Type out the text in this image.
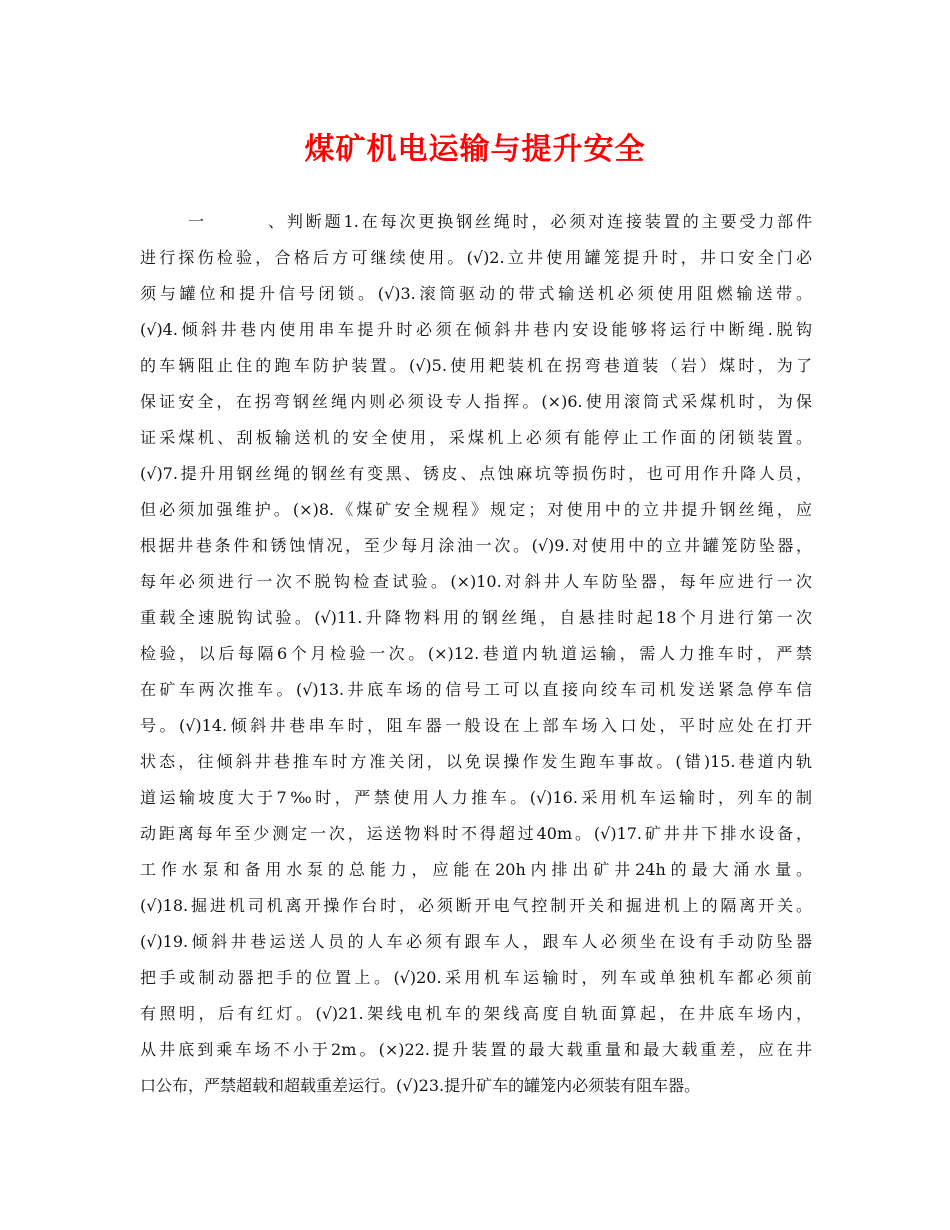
煤矿机电运输与提升安全
一、判断题1.在每次更换钢丝绳时，必须对连接装置的主要受力部件
进行探伤检验，合格后方可继续使用。(√)2.立井使用罐笼提升时，井口安全门必
须与罐位和提升信号闭锁。(√)3.滚筒驱动的带式输送机必须使用阻燃输送带。
(√)4.倾斜井巷内使用串车提升时必须在倾斜井巷内安设能够将运行中断绳.脱钩
的车辆阻止住的跑车防护装置。(√)5.使用耙装机在拐弯巷道装（岩）煤时，为了
保证安全，在拐弯钢丝绳内则必须设专人指挥。(×)6.使用滚筒式采煤机时，为保
证采煤机、刮板输送机的安全使用，采煤机上必须有能停止工作面的闭锁装置。
(√)7.提升用钢丝绳的钢丝有变黑、锈皮、点蚀麻坑等损伤时，也可用作升降人员，
但必须加强维护。(×)8.《煤矿安全规程》规定；对使用中的立井提升钢丝绳，应
根据井巷条件和锈蚀情况，至少每月涂油一次。(√)9.对使用中的立井罐笼防坠器，
每年必须进行一次不脱钩检查试验。(×)10.对斜井人车防坠器，每年应进行一次
重载全速脱钩试验。(√)11.升降物料用的钢丝绳，自悬挂时起18个月进行第一次
检验，以后每隔6个月检验一次。(×)12.巷道内轨道运输，需人力推车时，严禁
在矿车两次推车。(√)13.井底车场的信号工可以直接向绞车司机发送紧急停车信
号。(√)14.倾斜井巷串车时，阻车器一般设在上部车场入口处，平时应处在打开
状态，往倾斜井巷推车时方准关闭，以免误操作发生跑车事故。(错)15.巷道内轨
道运输坡度大于7‰时，严禁使用人力推车。(√)16.采用机车运输时，列车的制
动距离每年至少测定一次，运送物料时不得超过40m。(√)17.矿井井下排水设备，
工作水泵和备用水泵的总能力，应能在20h内排出矿井24h的最大涌水量。
(√)18.掘进机司机离开操作台时，必须断开电气控制开关和掘进机上的隔离开关。
(√)19.倾斜井巷运送人员的人车必须有跟车人，跟车人必须坐在设有手动防坠器
把手或制动器把手的位置上。(√)20.采用机车运输时，列车或单独机车都必须前
有照明，后有红灯。(√)21.架线电机车的架线高度自轨面算起，在井底车场内，
从井底到乘车场不小于2m。(×)22.提升装置的最大载重量和最大载重差，应在井
口公布，严禁超载和超载重差运行。(√)23.提升矿车的罐笼内必须装有阻车器。
